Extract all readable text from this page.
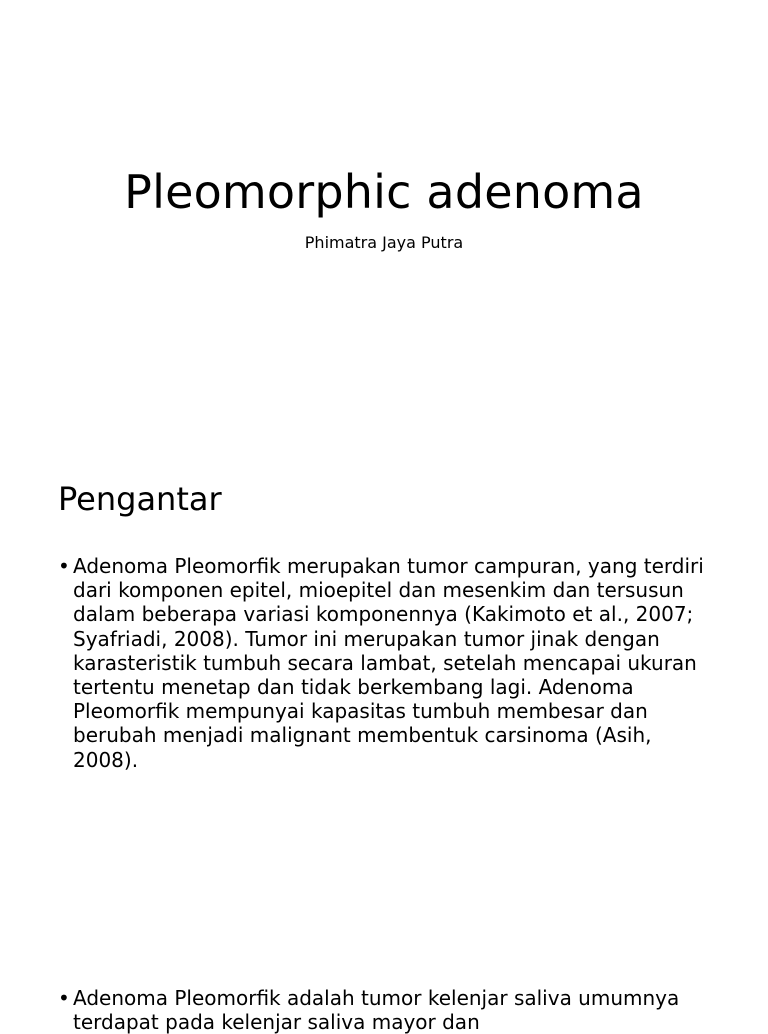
Pleomorphic adenoma
Phimatra Jaya Putra
Pengantar
• Adenoma Pleomorfik merupakan tumor campuran, yang terdiri dari komponen epitel, mioepitel dan mesenkim dan tersusun dalam beberapa variasi komponennya (Kakimoto et al., 2007; Syafriadi, 2008). Tumor ini merupakan tumor jinak dengan karasteristik tumbuh secara lambat, setelah mencapai ukuran tertentu menetap dan tidak berkembang lagi. Adenoma Pleomorfik mempunyai kapasitas tumbuh membesar dan berubah menjadi malignant membentuk carsinoma (Asih, 2008).
• Adenoma Pleomorfik adalah tumor kelenjar saliva umumnya terdapat pada kelenjar saliva mayor dan
